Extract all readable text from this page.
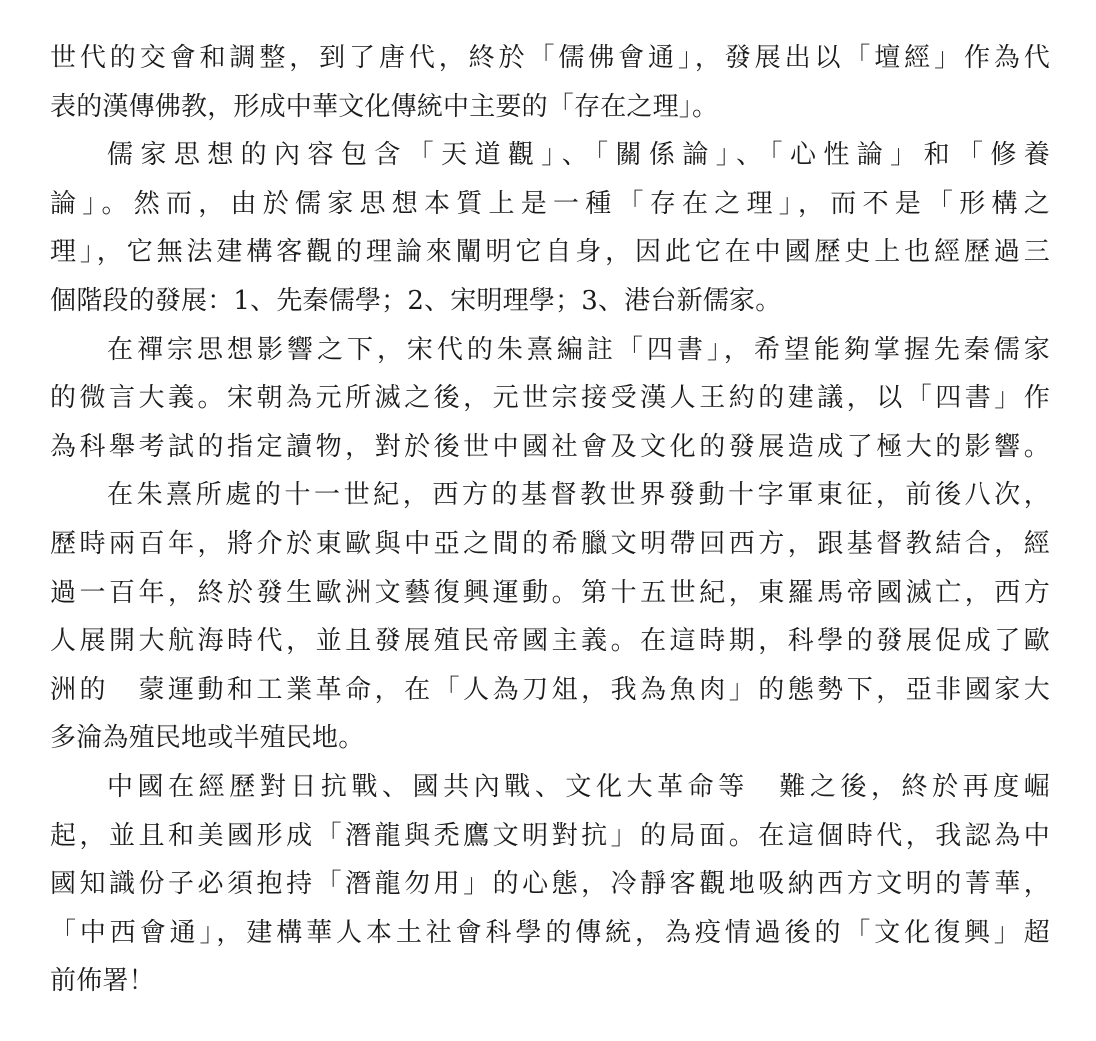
世代的交會和調整，到了唐代，終於「儒佛會通」，發展出以「壇經」作為代
表的漢傳佛教，形成中華文化傳統中主要的「存在之理」。
儒家思想的內容包含「天道觀」、「關係論」、「心性論」和「修養
論」。然而，由於儒家思想本質上是一種「存在之理」，而不是「形構之
理」，它無法建構客觀的理論來闡明它自身，因此它在中國歷史上也經歷過三
個階段的發展：1、先秦儒學；2、宋明理學；3、港台新儒家。
在禪宗思想影響之下，宋代的朱熹編註「四書」，希望能夠掌握先秦儒家
的微言大義。宋朝為元所滅之後，元世宗接受漢人王約的建議，以「四書」作
為科舉考試的指定讀物，對於後世中國社會及文化的發展造成了極大的影響。
在朱熹所處的十一世紀，西方的基督教世界發動十字軍東征，前後八次，
歷時兩百年，將介於東歐與中亞之間的希臘文明帶回西方，跟基督教結合，經
過一百年，終於發生歐洲文藝復興運動。第十五世紀，東羅馬帝國滅亡，西方
人展開大航海時代，並且發展殖民帝國主義。在這時期，科學的發展促成了歐
洲的　蒙運動和工業革命，在「人為刀俎，我為魚肉」的態勢下，亞非國家大
多淪為殖民地或半殖民地。
中國在經歷對日抗戰、國共內戰、文化大革命等　難之後，終於再度崛
起，並且和美國形成「潛龍與禿鷹文明對抗」的局面。在這個時代，我認為中
國知識份子必須抱持「潛龍勿用」的心態，冷靜客觀地吸納西方文明的菁華，
「中西會通」，建構華人本土社會科學的傳統，為疫情過後的「文化復興」超
前佈署！
